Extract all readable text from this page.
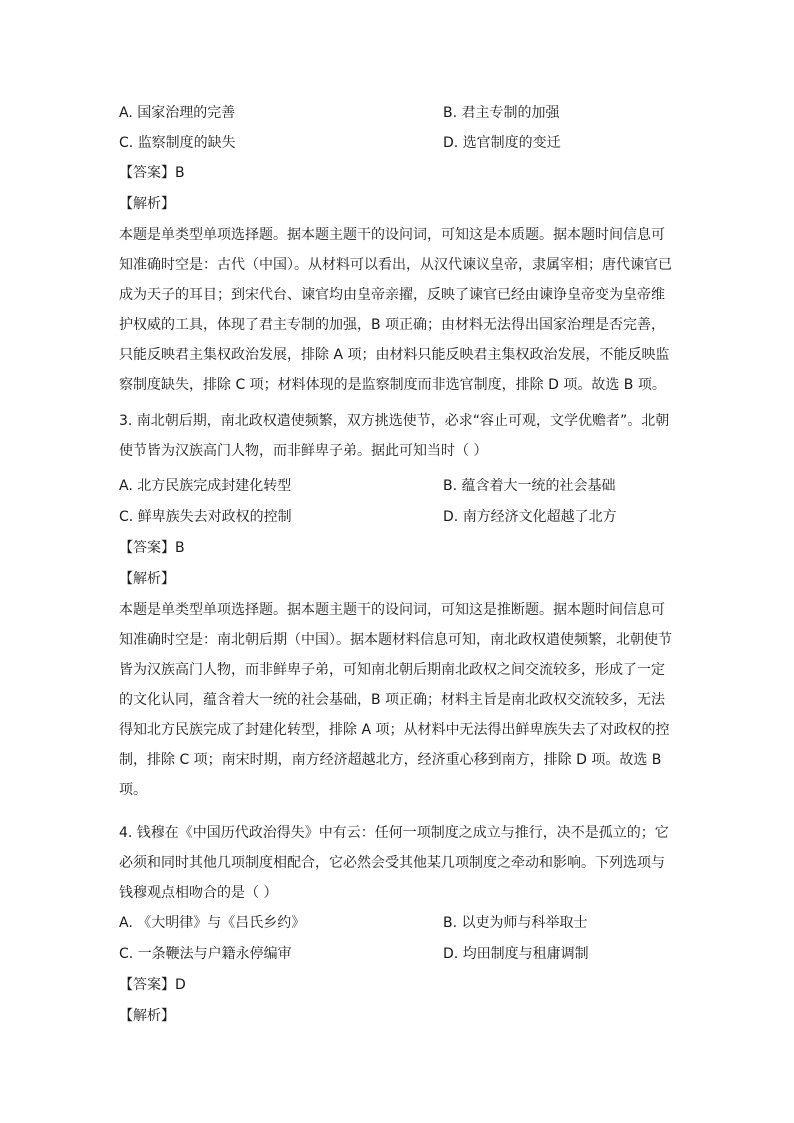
A. 国家治理的完善	B. 君主专制的加强
C. 监察制度的缺失	D. 选官制度的变迁
【答案】B
【解析】

本题是单类型单项选择题。据本题主题干的设问词，可知这是本质题。据本题时间信息可

知准确时空是：古代（中国）。从材料可以看出，从汉代谏议皇帝，隶属宰相；唐代谏官已

成为天子的耳目；到宋代台、谏官均由皇帝亲擢，反映了谏官已经由谏诤皇帝变为皇帝维

护权威的工具，体现了君主专制的加强，B 项正确；由材料无法得出国家治理是否完善，

只能反映君主集权政治发展，排除 A 项；由材料只能反映君主集权政治发展，不能反映监

察制度缺失，排除 C 项；材料体现的是监察制度而非选官制度，排除 D 项。故选 B 项。

3. 南北朝后期，南北政权遣使频繁，双方挑选使节，必求“容止可观，文学优赡者”。北朝

使节皆为汉族高门人物，而非鲜卑子弟。据此可知当时（ ）

A. 北方民族完成封建化转型	B. 蕴含着大一统的社会基础
C. 鲜卑族失去对政权的控制	D. 南方经济文化超越了北方
【答案】B
【解析】

本题是单类型单项选择题。据本题主题干的设问词，可知这是推断题。据本题时间信息可

知准确时空是：南北朝后期（中国）。据本题材料信息可知，南北政权遣使频繁，北朝使节

皆为汉族高门人物，而非鲜卑子弟，可知南北朝后期南北政权之间交流较多，形成了一定

的文化认同，蕴含着大一统的社会基础，B 项正确；材料主旨是南北政权交流较多，无法

得知北方民族完成了封建化转型，排除 A 项；从材料中无法得出鲜卑族失去了对政权的控

制，排除 C 项；南宋时期，南方经济超越北方，经济重心移到南方，排除 D 项。故选 B

项。

4. 钱穆在《中国历代政治得失》中有云：任何一项制度之成立与推行，决不是孤立的；它

必须和同时其他几项制度相配合，它必然会受其他某几项制度之牵动和影响。下列选项与

钱穆观点相吻合的是（ ）

A. 《大明律》与《吕氏乡约》	B. 以吏为师与科举取士
C. 一条鞭法与户籍永停编审	D. 均田制度与租庸调制
【答案】D
【解析】
